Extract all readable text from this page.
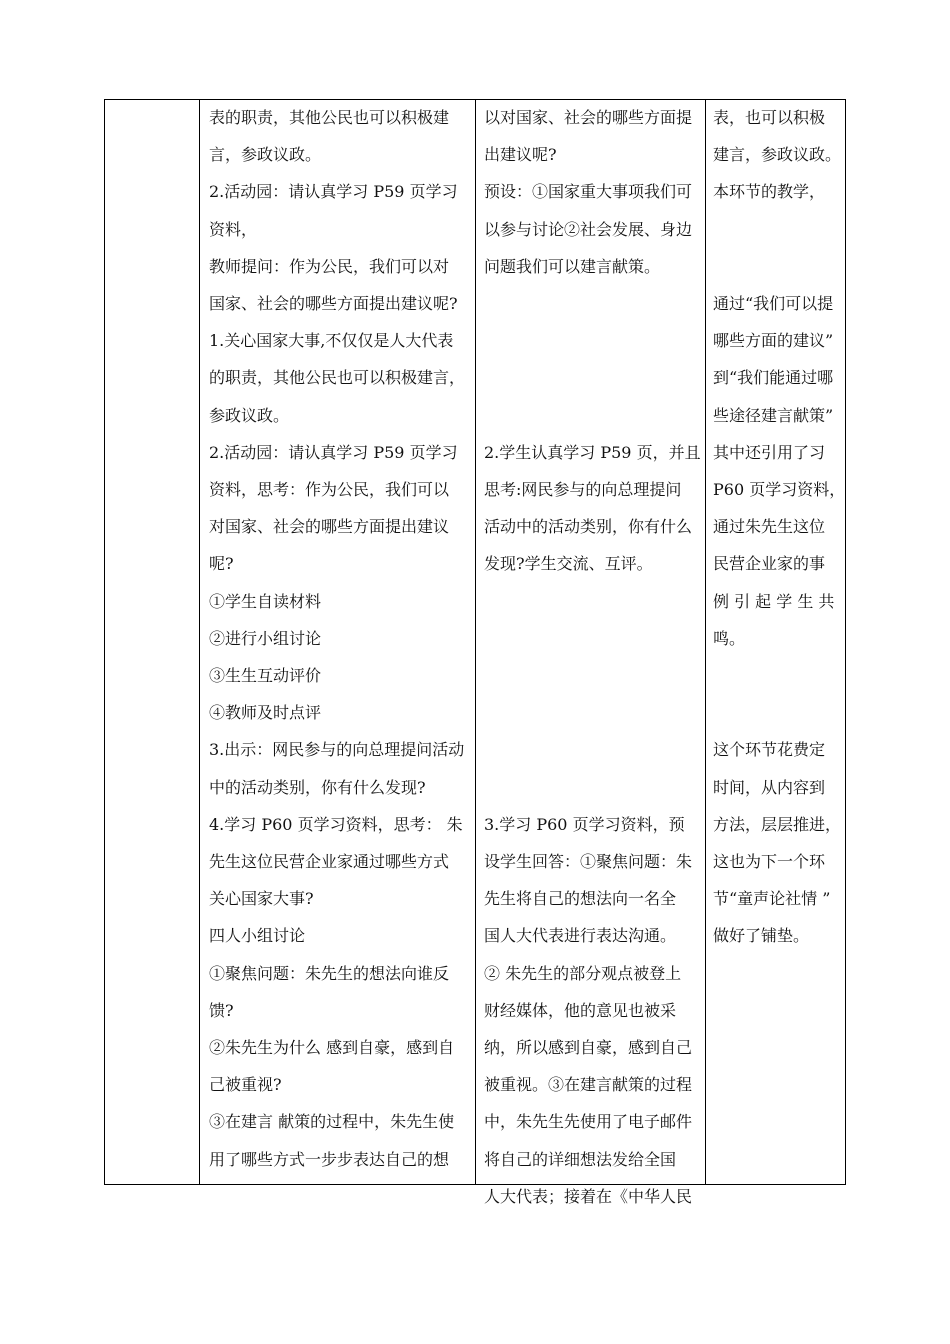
表的职责，其他公民也可以积极建
言，参政议政。
2.活动园：请认真学习 P59 页学习
资料，
教师提问：作为公民，我们可以对
国家、社会的哪些方面提出建议呢?
1.关心国家大事,不仅仅是人大代表
的职责，其他公民也可以积极建言，
参政议政。
2.活动园：请认真学习 P59 页学习
资料，思考：作为公民，我们可以
对国家、社会的哪些方面提出建议
呢?
①学生自读材料
②进行小组讨论
③生生互动评价
④教师及时点评
3.出示：网民参与的向总理提问活动
中的活动类别，你有什么发现?
4.学习 P60 页学习资料，思考： 朱
先生这位民营企业家通过哪些方式
关心国家大事?
四人小组讨论
①聚焦问题：朱先生的想法向谁反
馈?
②朱先生为什么 感到自豪，感到自
己被重视?
③在建言 献策的过程中，朱先生使
用了哪些方式一步步表达自己的想
以对国家、社会的哪些方面提
出建议呢?
预设：①国家重大事项我们可
以参与讨论②社会发展、身边
问题我们可以建言献策。
2.学生认真学习 P59 页，并且
思考:网民参与的向总理提问
活动中的活动类别，你有什么
发现?学生交流、互评。
3.学习 P60 页学习资料，预
设学生回答：①聚焦问题：朱
先生将自己的想法向一名全
国人大代表进行表达沟通。
② 朱先生的部分观点被登上
财经媒体，他的意见也被采
纳，所以感到自豪，感到自己
被重视。③在建言献策的过程
中，朱先生先使用了电子邮件
将自己的详细想法发给全国
人大代表；接着在《中华人民
表，也可以积极
建言，参政议政。
本环节的教学，
通过“我们可以提
哪些方面的建议”
到“我们能通过哪
些途径建言献策”
其中还引用了习
P60 页学习资料，
通过朱先生这位
民营企业家的事
例 引 起 学 生 共
鸣。
这个环节花费定
时间，从内容到
方法，层层推进，
这也为下一个环
节“童声论社情 ”
做好了铺垫。
